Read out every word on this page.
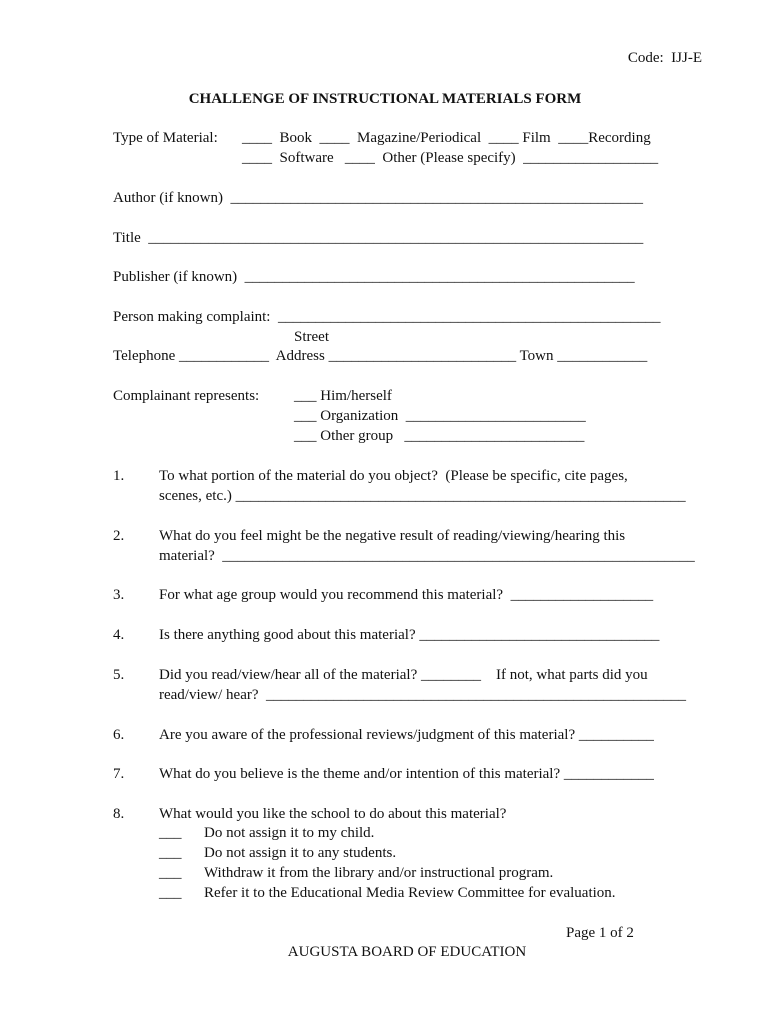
Code:  IJJ-E
CHALLENGE OF INSTRUCTIONAL MATERIALS FORM
Type of Material: ____  Book  ____  Magazine/Periodical  ____ Film  ____Recording
____  Software   ____  Other (Please specify)  __________________
Author (if known)  _______________________________________________________
Title  __________________________________________________________________
Publisher (if known)  ____________________________________________________
Person making complaint:  ___________________________________________________
Street
Telephone ____________  Address _________________________ Town ____________
Complainant represents: ___ Him/herself
___ Organization  ________________________
___ Other group   ________________________
1. To what portion of the material do you object?  (Please be specific, cite pages,
scenes, etc.) ____________________________________________________________
2. What do you feel might be the negative result of reading/viewing/hearing this
material?  _______________________________________________________________
3. For what age group would you recommend this material?  ___________________
4. Is there anything good about this material? ________________________________
5. Did you read/view/hear all of the material? ________    If not, what parts did you
read/view/ hear?  ________________________________________________________
6. Are you aware of the professional reviews/judgment of this material? __________
7. What do you believe is the theme and/or intention of this material? ____________
8. What would you like the school to do about this material?
___ Do not assign it to my child.
___ Do not assign it to any students.
___ Withdraw it from the library and/or instructional program.
___ Refer it to the Educational Media Review Committee for evaluation.
Page 1 of 2
AUGUSTA BOARD OF EDUCATION
